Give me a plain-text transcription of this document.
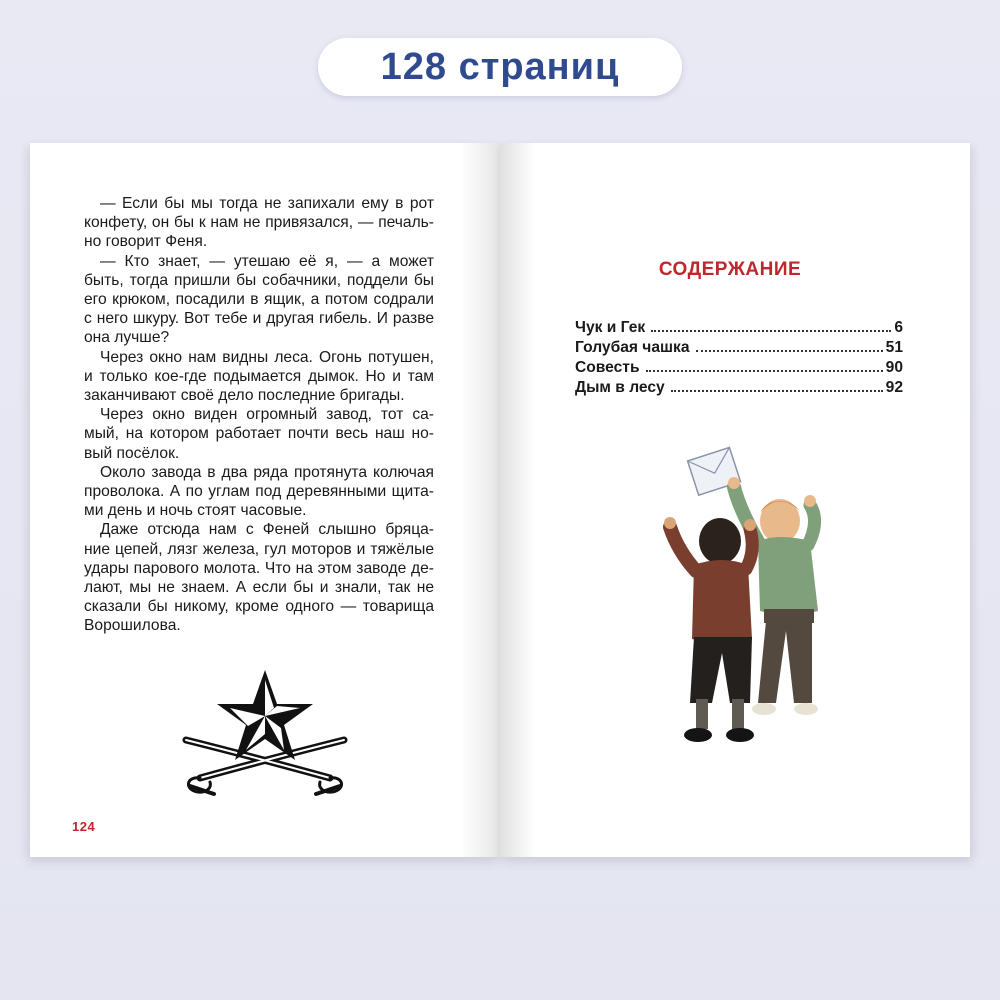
128 страниц
— Если бы мы тогда не запихали ему в рот
конфету, он бы к нам не привязался, — печаль-
но говорит Феня.
— Кто знает, — утешаю её я, — а может
быть, тогда пришли бы собачники, поддели бы
его крюком, посадили в ящик, а потом содрали
с него шкуру. Вот тебе и другая гибель. И разве
она лучше?
Через окно нам видны леса. Огонь потушен,
и только кое-где подымается дымок. Но и там
заканчивают своё дело последние бригады.
Через окно виден огромный завод, тот са-
мый, на котором работает почти весь наш но-
вый посёлок.
Около завода в два ряда протянута колючая
проволока. А по углам под деревянными щита-
ми день и ночь стоят часовые.
Даже отсюда нам с Феней слышно бряца-
ние цепей, лязг железа, гул моторов и тяжёлые
удары парового молота. Что на этом заводе де-
лают, мы не знаем. А если бы и знали, так не
сказали бы никому, кроме одного — товарища
Ворошилова.
124
СОДЕРЖАНИЕ
Чук и Гек	6
Голубая чашка	51
Совесть	90
Дым в лесу	92
